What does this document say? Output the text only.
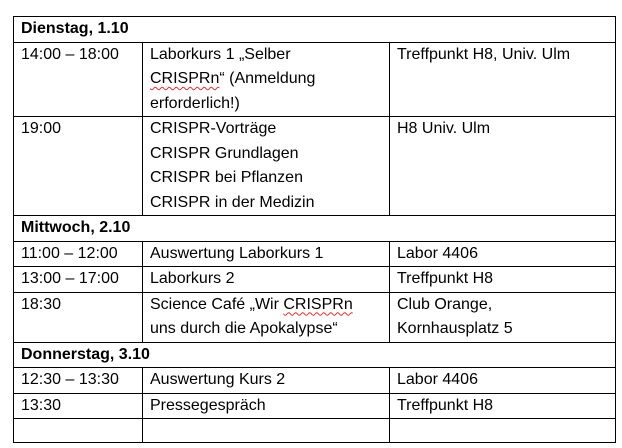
Dienstag, 1.10		
14:00 – 18:00	Laborkurs 1 „Selber
CRISPRn“ (Anmeldung
erforderlich!)	Treffpunkt H8, Univ. Ulm

19:00	CRISPR-Vorträge
CRISPR Grundlagen
CRISPR bei Pflanzen
CRISPR in der Medizin	H8 Univ. Ulm

Mittwoch, 2.10		
11:00 – 12:00	Auswertung Laborkurs 1	Labor 4406

13:00 – 17:00	Laborkurs 2	Treffpunkt H8

18:30	Science Café „Wir CRISPRn
uns durch die Apokalypse“	Club Orange,
Kornhausplatz 5

Donnerstag, 3.10		
12:30 – 13:30	Auswertung Kurs 2	Labor 4406

13:30	Pressegespräch	Treffpunkt H8
